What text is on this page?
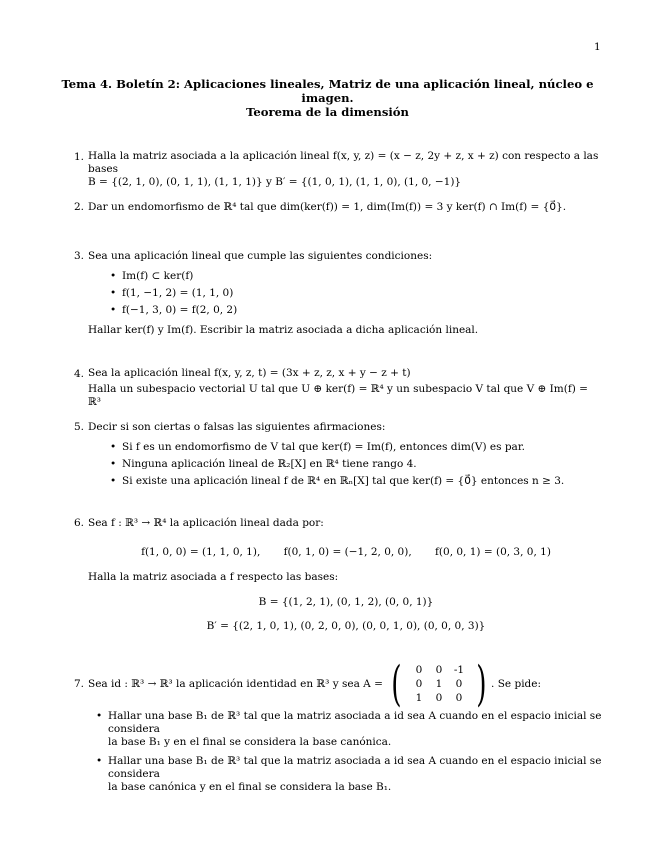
1
Tema 4. Boletín 2: Aplicaciones lineales, Matriz de una aplicación lineal, núcleo e imagen.
Teorema de la dimensión
1. Halla la matriz asociada a la aplicación lineal f(x, y, z) = (x − z, 2y + z, x + z) con respecto a las bases
B = {(2, 1, 0), (0, 1, 1), (1, 1, 1)} y B′ = {(1, 0, 1), (1, 1, 0), (1, 0, −1)}
2. Dar un endomorfismo de ℝ⁴ tal que dim(ker(f)) = 1, dim(Im(f)) = 3 y ker(f) ∩ Im(f) = {0⃗}.
3. Sea una aplicación lineal que cumple las siguientes condiciones:
• Im(f) ⊂ ker(f)
• f(1, −1, 2) = (1, 1, 0)
• f(−1, 3, 0) = f(2, 0, 2)
Hallar ker(f) y Im(f). Escribir la matriz asociada a dicha aplicación lineal.
4. Sea la aplicación lineal f(x, y, z, t) = (3x + z, z, x + y − z + t)
Halla un subespacio vectorial U tal que U ⊕ ker(f) = ℝ⁴ y un subespacio V tal que V ⊕ Im(f) = ℝ³
5. Decir si son ciertas o falsas las siguientes afirmaciones:
• Si f es un endomorfismo de V tal que ker(f) = Im(f), entonces dim(V) es par.
• Ninguna aplicación lineal de ℝ₂[X] en ℝ⁴ tiene rango 4.
• Si existe una aplicación lineal f de ℝ⁴ en ℝₙ[X] tal que ker(f) = {0⃗} entonces n ≥ 3.
6. Sea f : ℝ³ → ℝ⁴ la aplicación lineal dada por:
f(1, 0, 0) = (1, 1, 0, 1),       f(0, 1, 0) = (−1, 2, 0, 0),       f(0, 0, 1) = (0, 3, 0, 1)
Halla la matriz asociada a f respecto las bases:
B = {(1, 2, 1), (0, 1, 2), (0, 0, 1)}
B′ = {(2, 1, 0, 1), (0, 2, 0, 0), (0, 0, 1, 0), (0, 0, 0, 3)}
7. Sea id : ℝ³ → ℝ³ la aplicación identidad en ℝ³ y sea A = (	0	0	-1
0	1	0
1	0	0 ) . Se pide:
• Hallar una base B₁ de ℝ³ tal que la matriz asociada a id sea A cuando en el espacio inicial se considera
la base B₁ y en el final se considera la base canónica.
• Hallar una base B₁ de ℝ³ tal que la matriz asociada a id sea A cuando en el espacio inicial se considera
la base canónica y en el final se considera la base B₁.
